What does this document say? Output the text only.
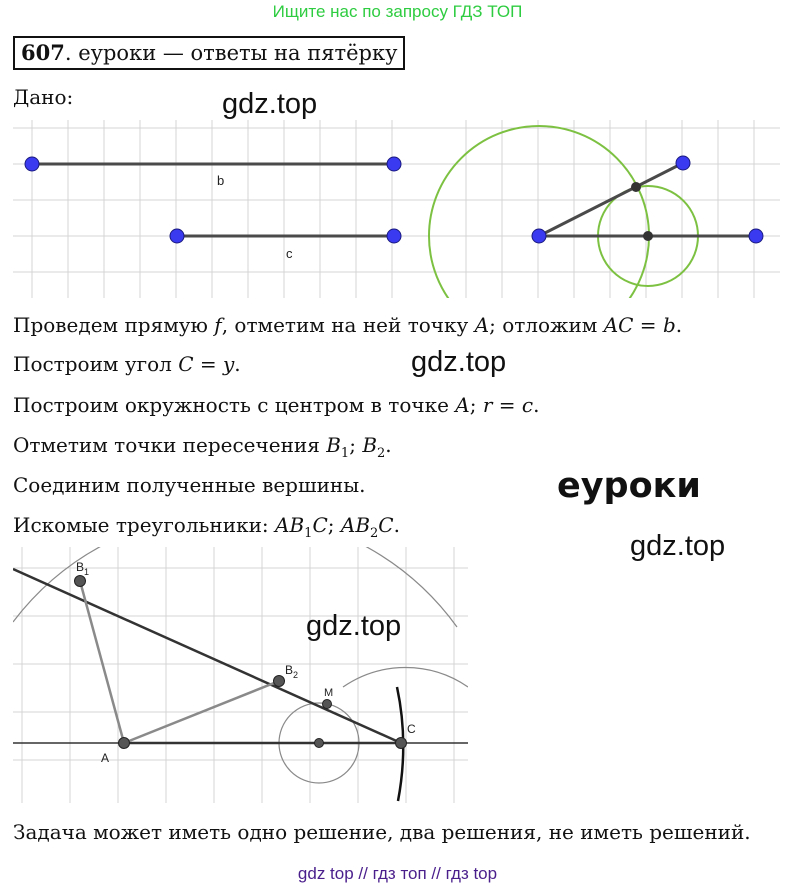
Ищите нас по запросу ГДЗ ТОП
607. еуроки — ответы на пятёрку
Дано:	gdz.top
b
c
Проведем прямую f, отметим на ней точку A; отложим AC = b.
Построим угол C = y.	gdz.top
Построим окружность с центром в точке A; r = c.
Отметим точки пересечения $B_1$; $B_2$.
Соединим полученные вершины.	еуроки
Искомые треугольники: $AB_1C$; $AB_2C$.
gdz.top
$B_1$
$B_2$
M
A
C
gdz.top
Задача может иметь одно решение, два решения, не иметь решений.
gdz top // гдз топ // гдз top
